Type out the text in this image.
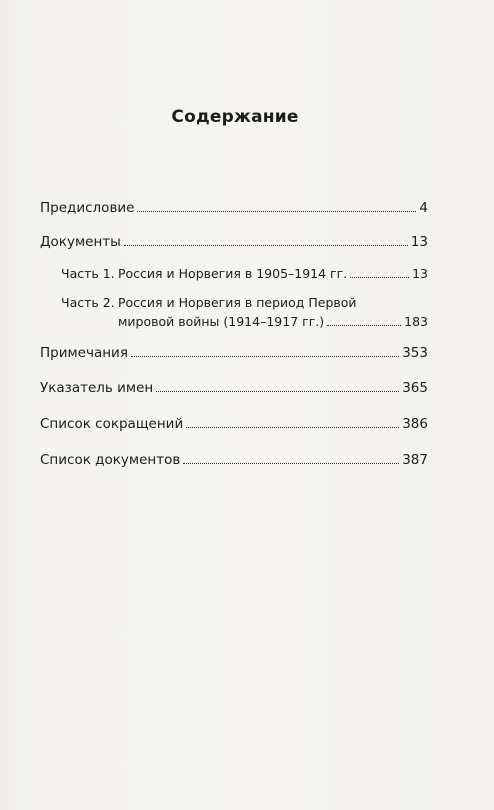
Содержание
Предисловие	4
Документы	13
Часть 1. Россия и Норвегия в 1905–1914 гг.	13
Часть 2. Россия и Норвегия в период Первой
мировой войны (1914–1917 гг.)	183
Примечания	353
Указатель имен	365
Список сокращений	386
Список документов	387
